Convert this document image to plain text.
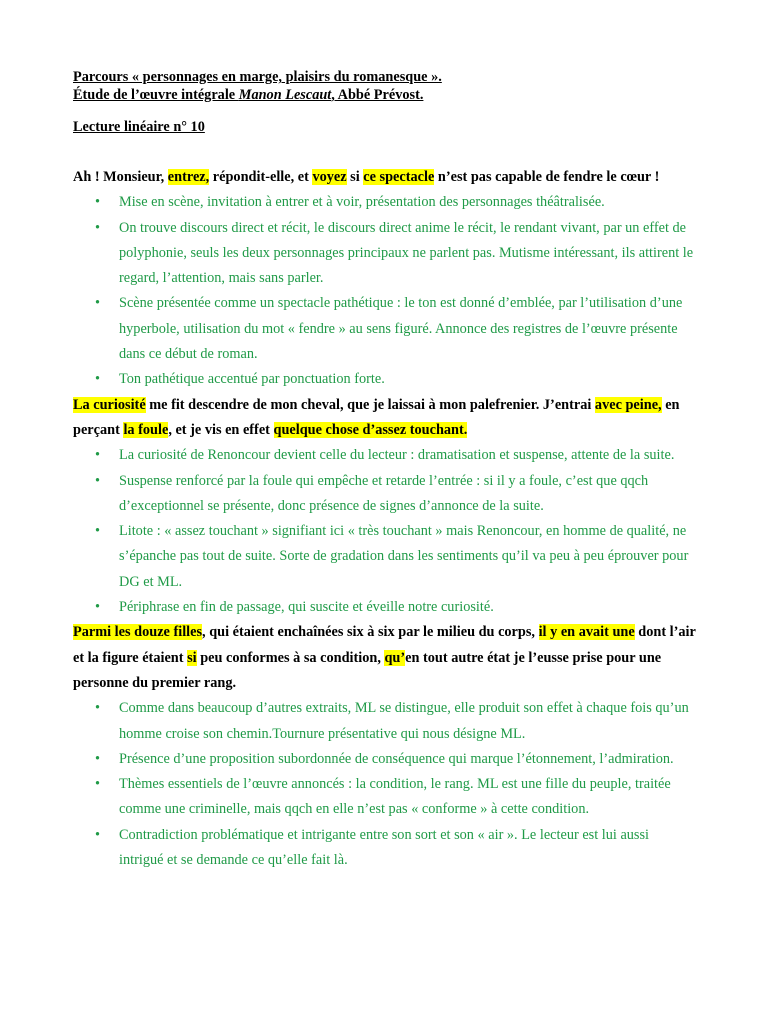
Parcours « personnages en marge, plaisirs du romanesque ».
Étude de l’œuvre intégrale Manon Lescaut, Abbé Prévost.
Lecture linéaire n° 10
Ah ! Monsieur, entrez, répondit-elle, et voyez si ce spectacle n’est pas capable de fendre le cœur !
• Mise en scène, invitation à entrer et à voir, présentation des personnages théâtralisée.
• On trouve discours direct et récit, le discours direct anime le récit, le rendant vivant, par un effet de polyphonie, seuls les deux personnages principaux ne parlent pas. Mutisme intéressant, ils attirent le regard, l’attention, mais sans parler.
• Scène présentée comme un spectacle pathétique : le ton est donné d’emblée, par l’utilisation d’une hyperbole, utilisation du mot « fendre » au sens figuré. Annonce des registres de l’œuvre présente dans ce début de roman.
• Ton pathétique accentué par ponctuation forte.
La curiosité me fit descendre de mon cheval, que je laissai à mon palefrenier. J’entrai avec peine, en perçant la foule, et je vis en effet quelque chose d’assez touchant.
• La curiosité de Renoncour devient celle du lecteur : dramatisation et suspense, attente de la suite.
• Suspense renforcé par la foule qui empêche et retarde l’entrée : si il y a foule, c’est que qqch d’exceptionnel se présente, donc présence de signes d’annonce de la suite.
• Litote : « assez touchant » signifiant ici « très touchant » mais Renoncour, en homme de qualité, ne s’épanche pas tout de suite. Sorte de gradation dans les sentiments qu’il va peu à peu éprouver pour DG et ML.
• Périphrase en fin de passage, qui suscite et éveille notre curiosité.
Parmi les douze filles, qui étaient enchaînées six à six par le milieu du corps, il y en avait une dont l’air et la figure étaient si peu conformes à sa condition, qu’en tout autre état je l’eusse prise pour une personne du premier rang.
• Comme dans beaucoup d’autres extraits, ML se distingue, elle produit son effet à chaque fois qu’un homme croise son chemin.Tournure présentative qui nous désigne ML.
• Présence d’une proposition subordonnée de conséquence qui marque l’étonnement, l’admiration.
• Thèmes essentiels de l’œuvre annoncés : la condition, le rang. ML est une fille du peuple, traitée comme une criminelle, mais qqch en elle n’est pas « conforme » à cette condition.
• Contradiction problématique et intrigante entre son sort et son « air ». Le lecteur est lui aussi intrigué et se demande ce qu’elle fait là.
